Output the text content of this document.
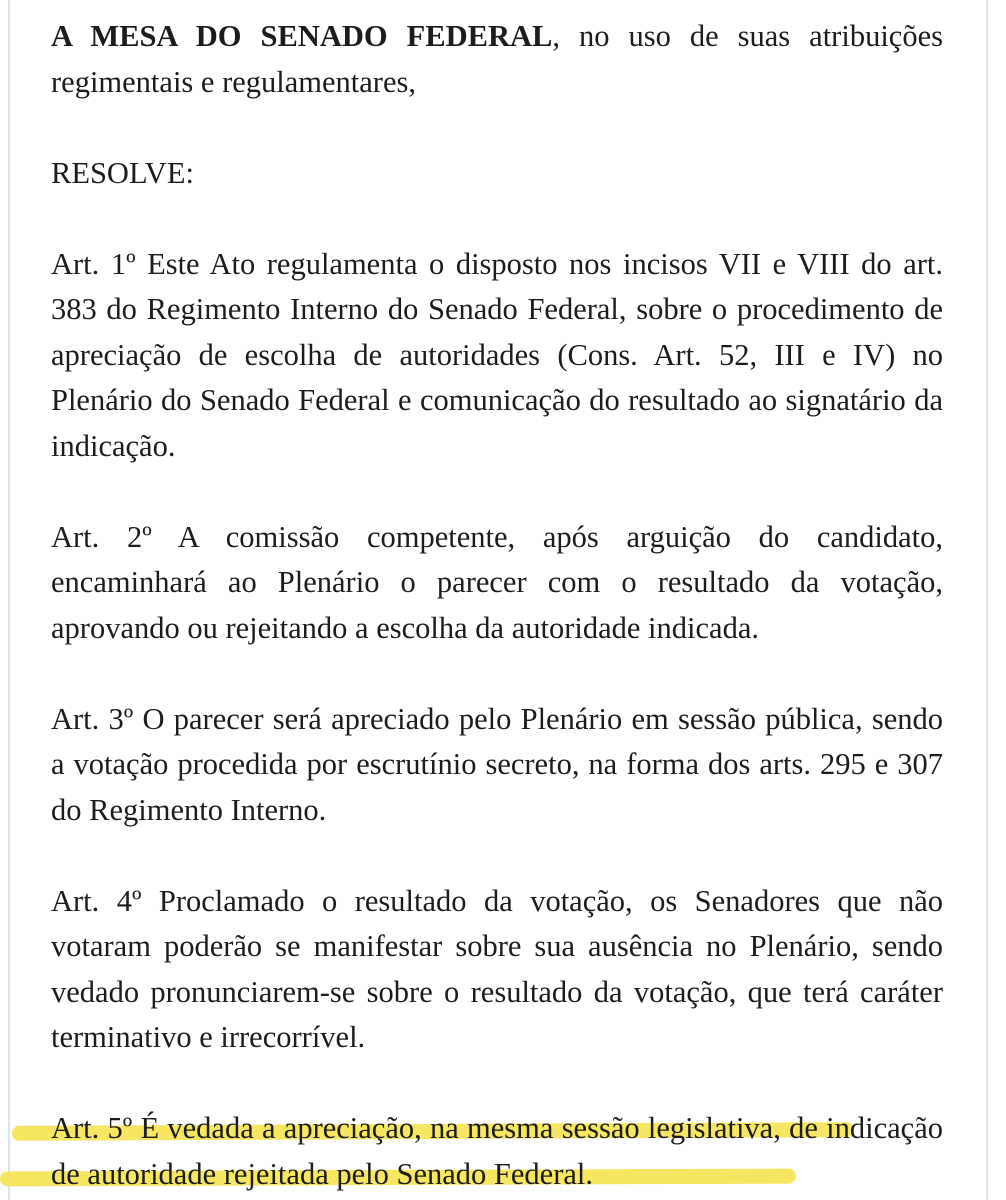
A MESA DO SENADO FEDERAL, no uso de suas atribuições regimentais e regulamentares,

RESOLVE:

Art. 1º Este Ato regulamenta o disposto nos incisos VII e VIII do art. 383 do Regimento Interno do Senado Federal, sobre o procedimento de apreciação de escolha de autoridades (Cons. Art. 52, III e IV) no Plenário do Senado Federal e comunicação do resultado ao signatário da indicação.

Art. 2º A comissão competente, após arguição do candidato, encaminhará ao Plenário o parecer com o resultado da votação, aprovando ou rejeitando a escolha da autoridade indicada.

Art. 3º O parecer será apreciado pelo Plenário em sessão pública, sendo a votação procedida por escrutínio secreto, na forma dos arts. 295 e 307 do Regimento Interno.

Art. 4º Proclamado o resultado da votação, os Senadores que não votaram poderão se manifestar sobre sua ausência no Plenário, sendo vedado pronunciarem-se sobre o resultado da votação, que terá caráter terminativo e irrecorrível.

Art. 5º É vedada a apreciação, na mesma sessão legislativa, de indicação de autoridade rejeitada pelo Senado Federal.
